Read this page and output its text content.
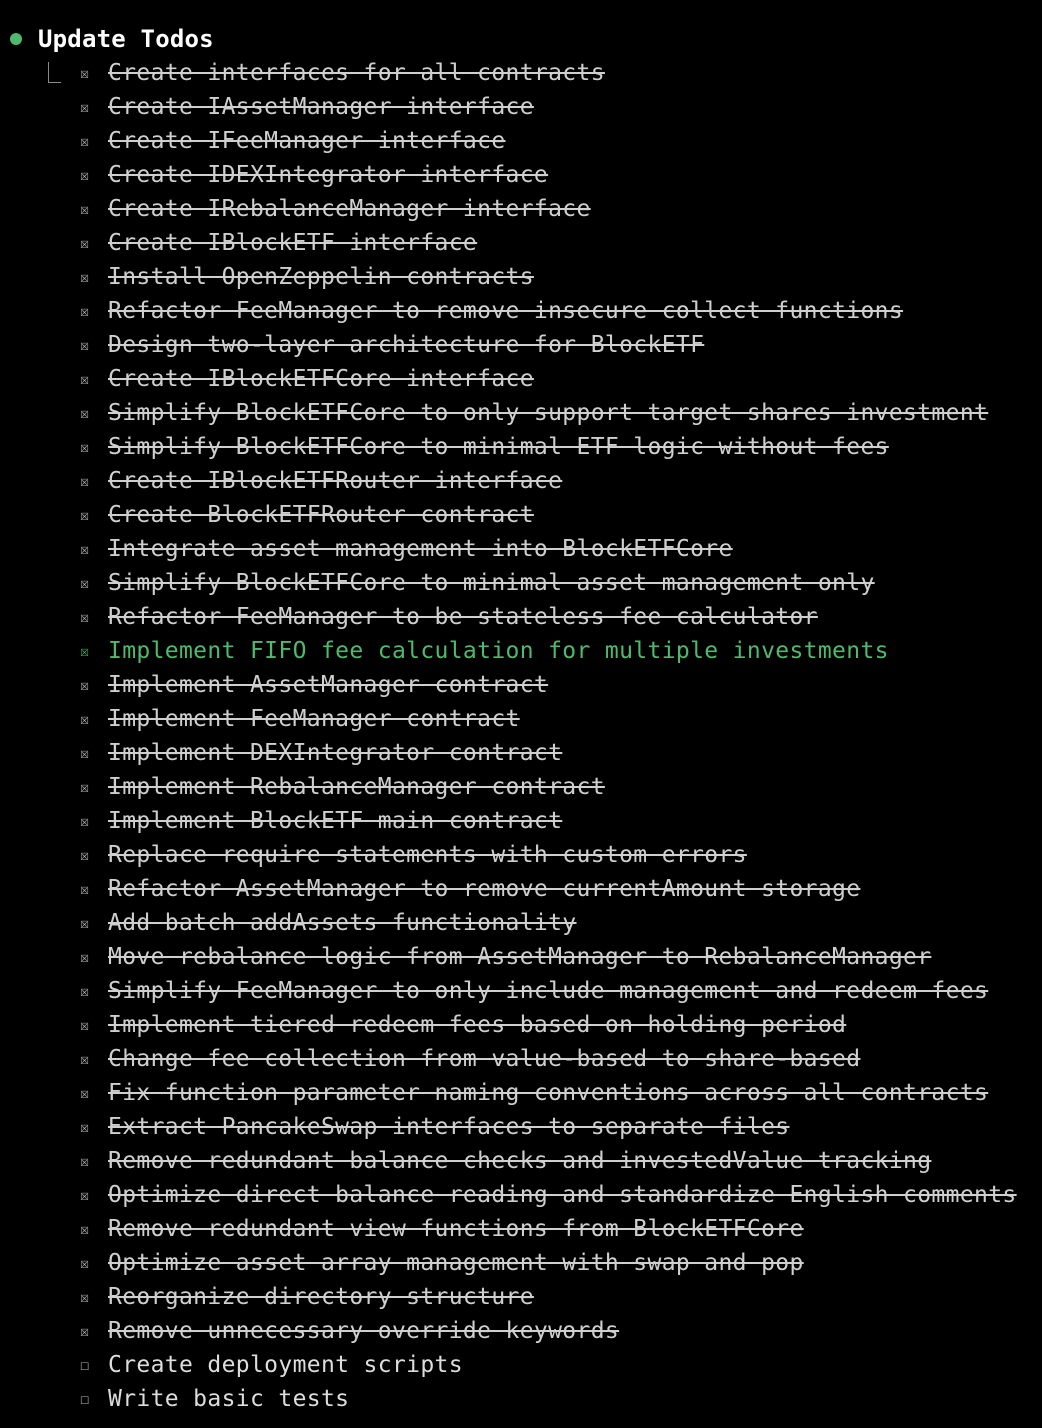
Update Todos
☒ Create interfaces for all contracts
☒ Create IAssetManager interface
☒ Create IFeeManager interface
☒ Create IDEXIntegrator interface
☒ Create IRebalanceManager interface
☒ Create IBlockETF interface
☒ Install OpenZeppelin contracts
☒ Refactor FeeManager to remove insecure collect functions
☒ Design two-layer architecture for BlockETF
☒ Create IBlockETFCore interface
☒ Simplify BlockETFCore to only support target shares investment
☒ Simplify BlockETFCore to minimal ETF logic without fees
☒ Create IBlockETFRouter interface
☒ Create BlockETFRouter contract
☒ Integrate asset management into BlockETFCore
☒ Simplify BlockETFCore to minimal asset management only
☒ Refactor FeeManager to be stateless fee calculator
☒ Implement FIFO fee calculation for multiple investments
☒ Implement AssetManager contract
☒ Implement FeeManager contract
☒ Implement DEXIntegrator contract
☒ Implement RebalanceManager contract
☒ Implement BlockETF main contract
☒ Replace require statements with custom errors
☒ Refactor AssetManager to remove currentAmount storage
☒ Add batch addAssets functionality
☒ Move rebalance logic from AssetManager to RebalanceManager
☒ Simplify FeeManager to only include management and redeem fees
☒ Implement tiered redeem fees based on holding period
☒ Change fee collection from value-based to share-based
☒ Fix function parameter naming conventions across all contracts
☒ Extract PancakeSwap interfaces to separate files
☒ Remove redundant balance checks and investedValue tracking
☒ Optimize direct balance reading and standardize English comments
☒ Remove redundant view functions from BlockETFCore
☒ Optimize asset array management with swap and pop
☒ Reorganize directory structure
☒ Remove unnecessary override keywords
☐ Create deployment scripts
☐ Write basic tests
